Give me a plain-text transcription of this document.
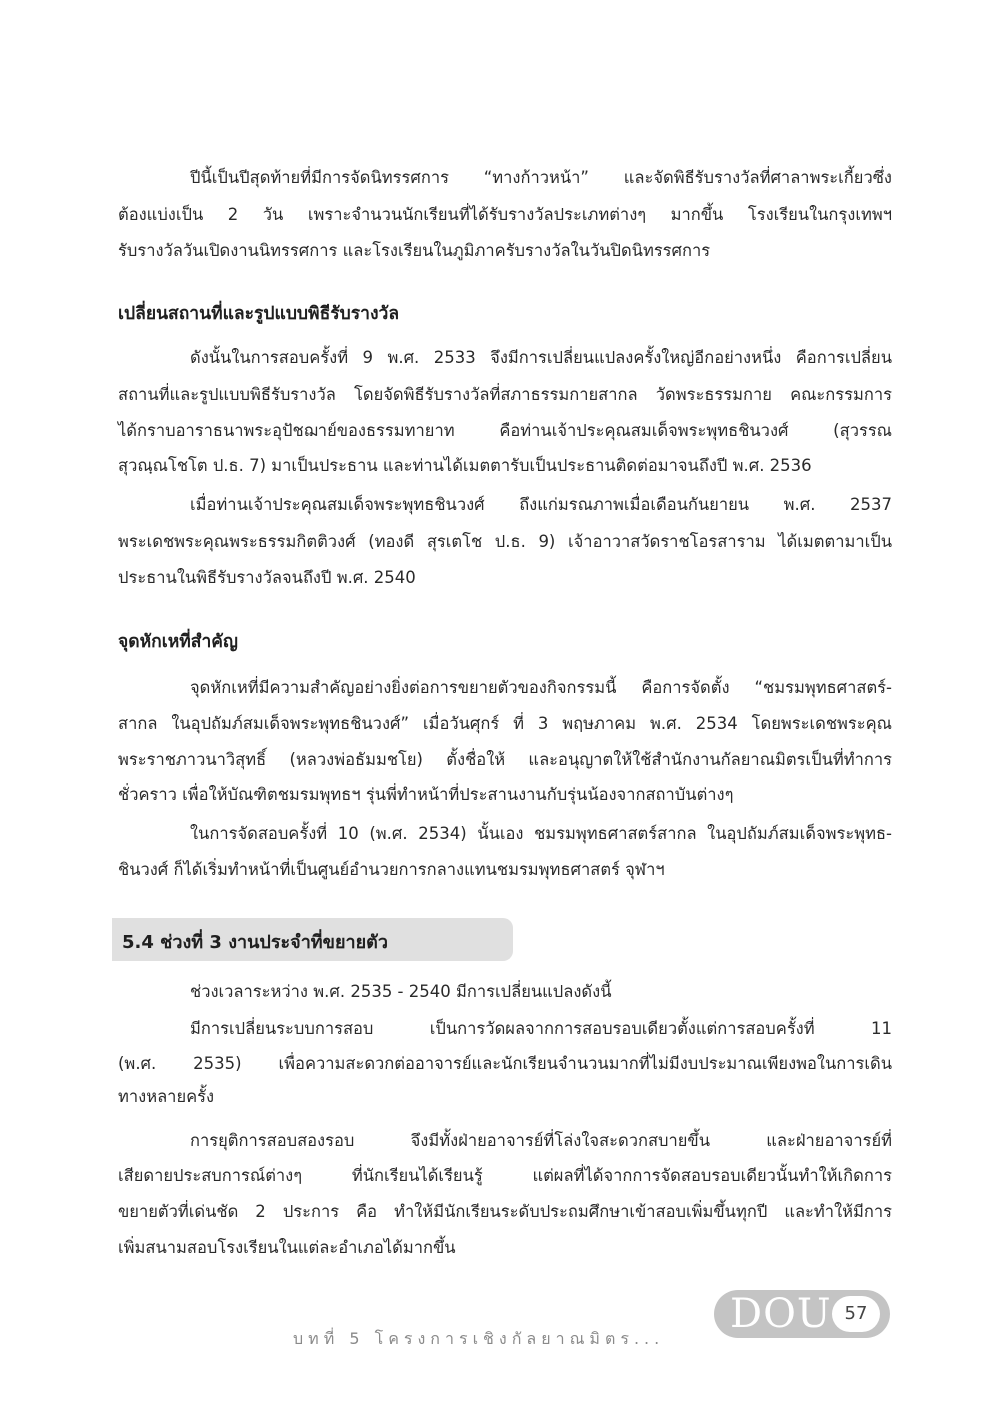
ปีนี้เป็นปีสุดท้ายที่มีการจัดนิทรรศการ “ทางก้าวหน้า” และจัดพิธีรับรางวัลที่ศาลาพระเกี้ยวซึ่ง
ต้องแบ่งเป็น 2 วัน เพราะจำนวนนักเรียนที่ได้รับรางวัลประเภทต่างๆ มากขึ้น โรงเรียนในกรุงเทพฯ
รับรางวัลวันเปิดงานนิทรรศการ และโรงเรียนในภูมิภาครับรางวัลในวันปิดนิทรรศการ
เปลี่ยนสถานที่และรูปแบบพิธีรับรางวัล
ดังนั้นในการสอบครั้งที่ 9 พ.ศ. 2533 จึงมีการเปลี่ยนแปลงครั้งใหญ่อีกอย่างหนึ่ง คือการเปลี่ยน
สถานที่และรูปแบบพิธีรับรางวัล โดยจัดพิธีรับรางวัลที่สภาธรรมกายสากล วัดพระธรรมกาย คณะกรรมการ
ได้กราบอาราธนาพระอุปัชฌาย์ของธรรมทายาท คือท่านเจ้าประคุณสมเด็จพระพุทธชินวงศ์ (สุวรรณ
สุวณฺณโชโต ป.ธ. 7) มาเป็นประธาน และท่านได้เมตตารับเป็นประธานติดต่อมาจนถึงปี พ.ศ. 2536
เมื่อท่านเจ้าประคุณสมเด็จพระพุทธชินวงศ์ ถึงแก่มรณภาพเมื่อเดือนกันยายน พ.ศ. 2537
พระเดชพระคุณพระธรรมกิตติวงศ์ (ทองดี สุรเตโช ป.ธ. 9) เจ้าอาวาสวัดราชโอรสาราม ได้เมตตามาเป็น
ประธานในพิธีรับรางวัลจนถึงปี พ.ศ. 2540
จุดหักเหที่สำคัญ
จุดหักเหที่มีความสำคัญอย่างยิ่งต่อการขยายตัวของกิจกรรมนี้ คือการจัดตั้ง “ชมรมพุทธศาสตร์-
สากล ในอุปถัมภ์สมเด็จพระพุทธชินวงศ์” เมื่อวันศุกร์ ที่ 3 พฤษภาคม พ.ศ. 2534 โดยพระเดชพระคุณ
พระราชภาวนาวิสุทธิ์ (หลวงพ่อธัมมชโย) ตั้งชื่อให้ และอนุญาตให้ใช้สำนักงานกัลยาณมิตรเป็นที่ทำการ
ชั่วคราว เพื่อให้บัณฑิตชมรมพุทธฯ รุ่นพี่ทำหน้าที่ประสานงานกับรุ่นน้องจากสถาบันต่างๆ
ในการจัดสอบครั้งที่ 10 (พ.ศ. 2534) นั้นเอง ชมรมพุทธศาสตร์สากล ในอุปถัมภ์สมเด็จพระพุทธ-
ชินวงศ์ ก็ได้เริ่มทำหน้าที่เป็นศูนย์อำนวยการกลางแทนชมรมพุทธศาสตร์ จุฬาฯ
5.4 ช่วงที่ 3 งานประจำที่ขยายตัว
ช่วงเวลาระหว่าง พ.ศ. 2535 - 2540 มีการเปลี่ยนแปลงดังนี้
มีการเปลี่ยนระบบการสอบ เป็นการวัดผลจากการสอบรอบเดียวตั้งแต่การสอบครั้งที่ 11
(พ.ศ. 2535) เพื่อความสะดวกต่ออาจารย์และนักเรียนจำนวนมากที่ไม่มีงบประมาณเพียงพอในการเดิน
ทางหลายครั้ง
การยุติการสอบสองรอบ จึงมีทั้งฝ่ายอาจารย์ที่โล่งใจสะดวกสบายขึ้น และฝ่ายอาจารย์ที่
เสียดายประสบการณ์ต่างๆ ที่นักเรียนได้เรียนรู้ แต่ผลที่ได้จากการจัดสอบรอบเดียวนั้นทำให้เกิดการ
ขยายตัวที่เด่นชัด 2 ประการ คือ ทำให้มีนักเรียนระดับประถมศึกษาเข้าสอบเพิ่มขึ้นทุกปี และทำให้มีการ
เพิ่มสนามสอบโรงเรียนในแต่ละอำเภอได้มากขึ้น
บทที่ 5 โครงการเชิงกัลยาณมิตร...
DOU 57
